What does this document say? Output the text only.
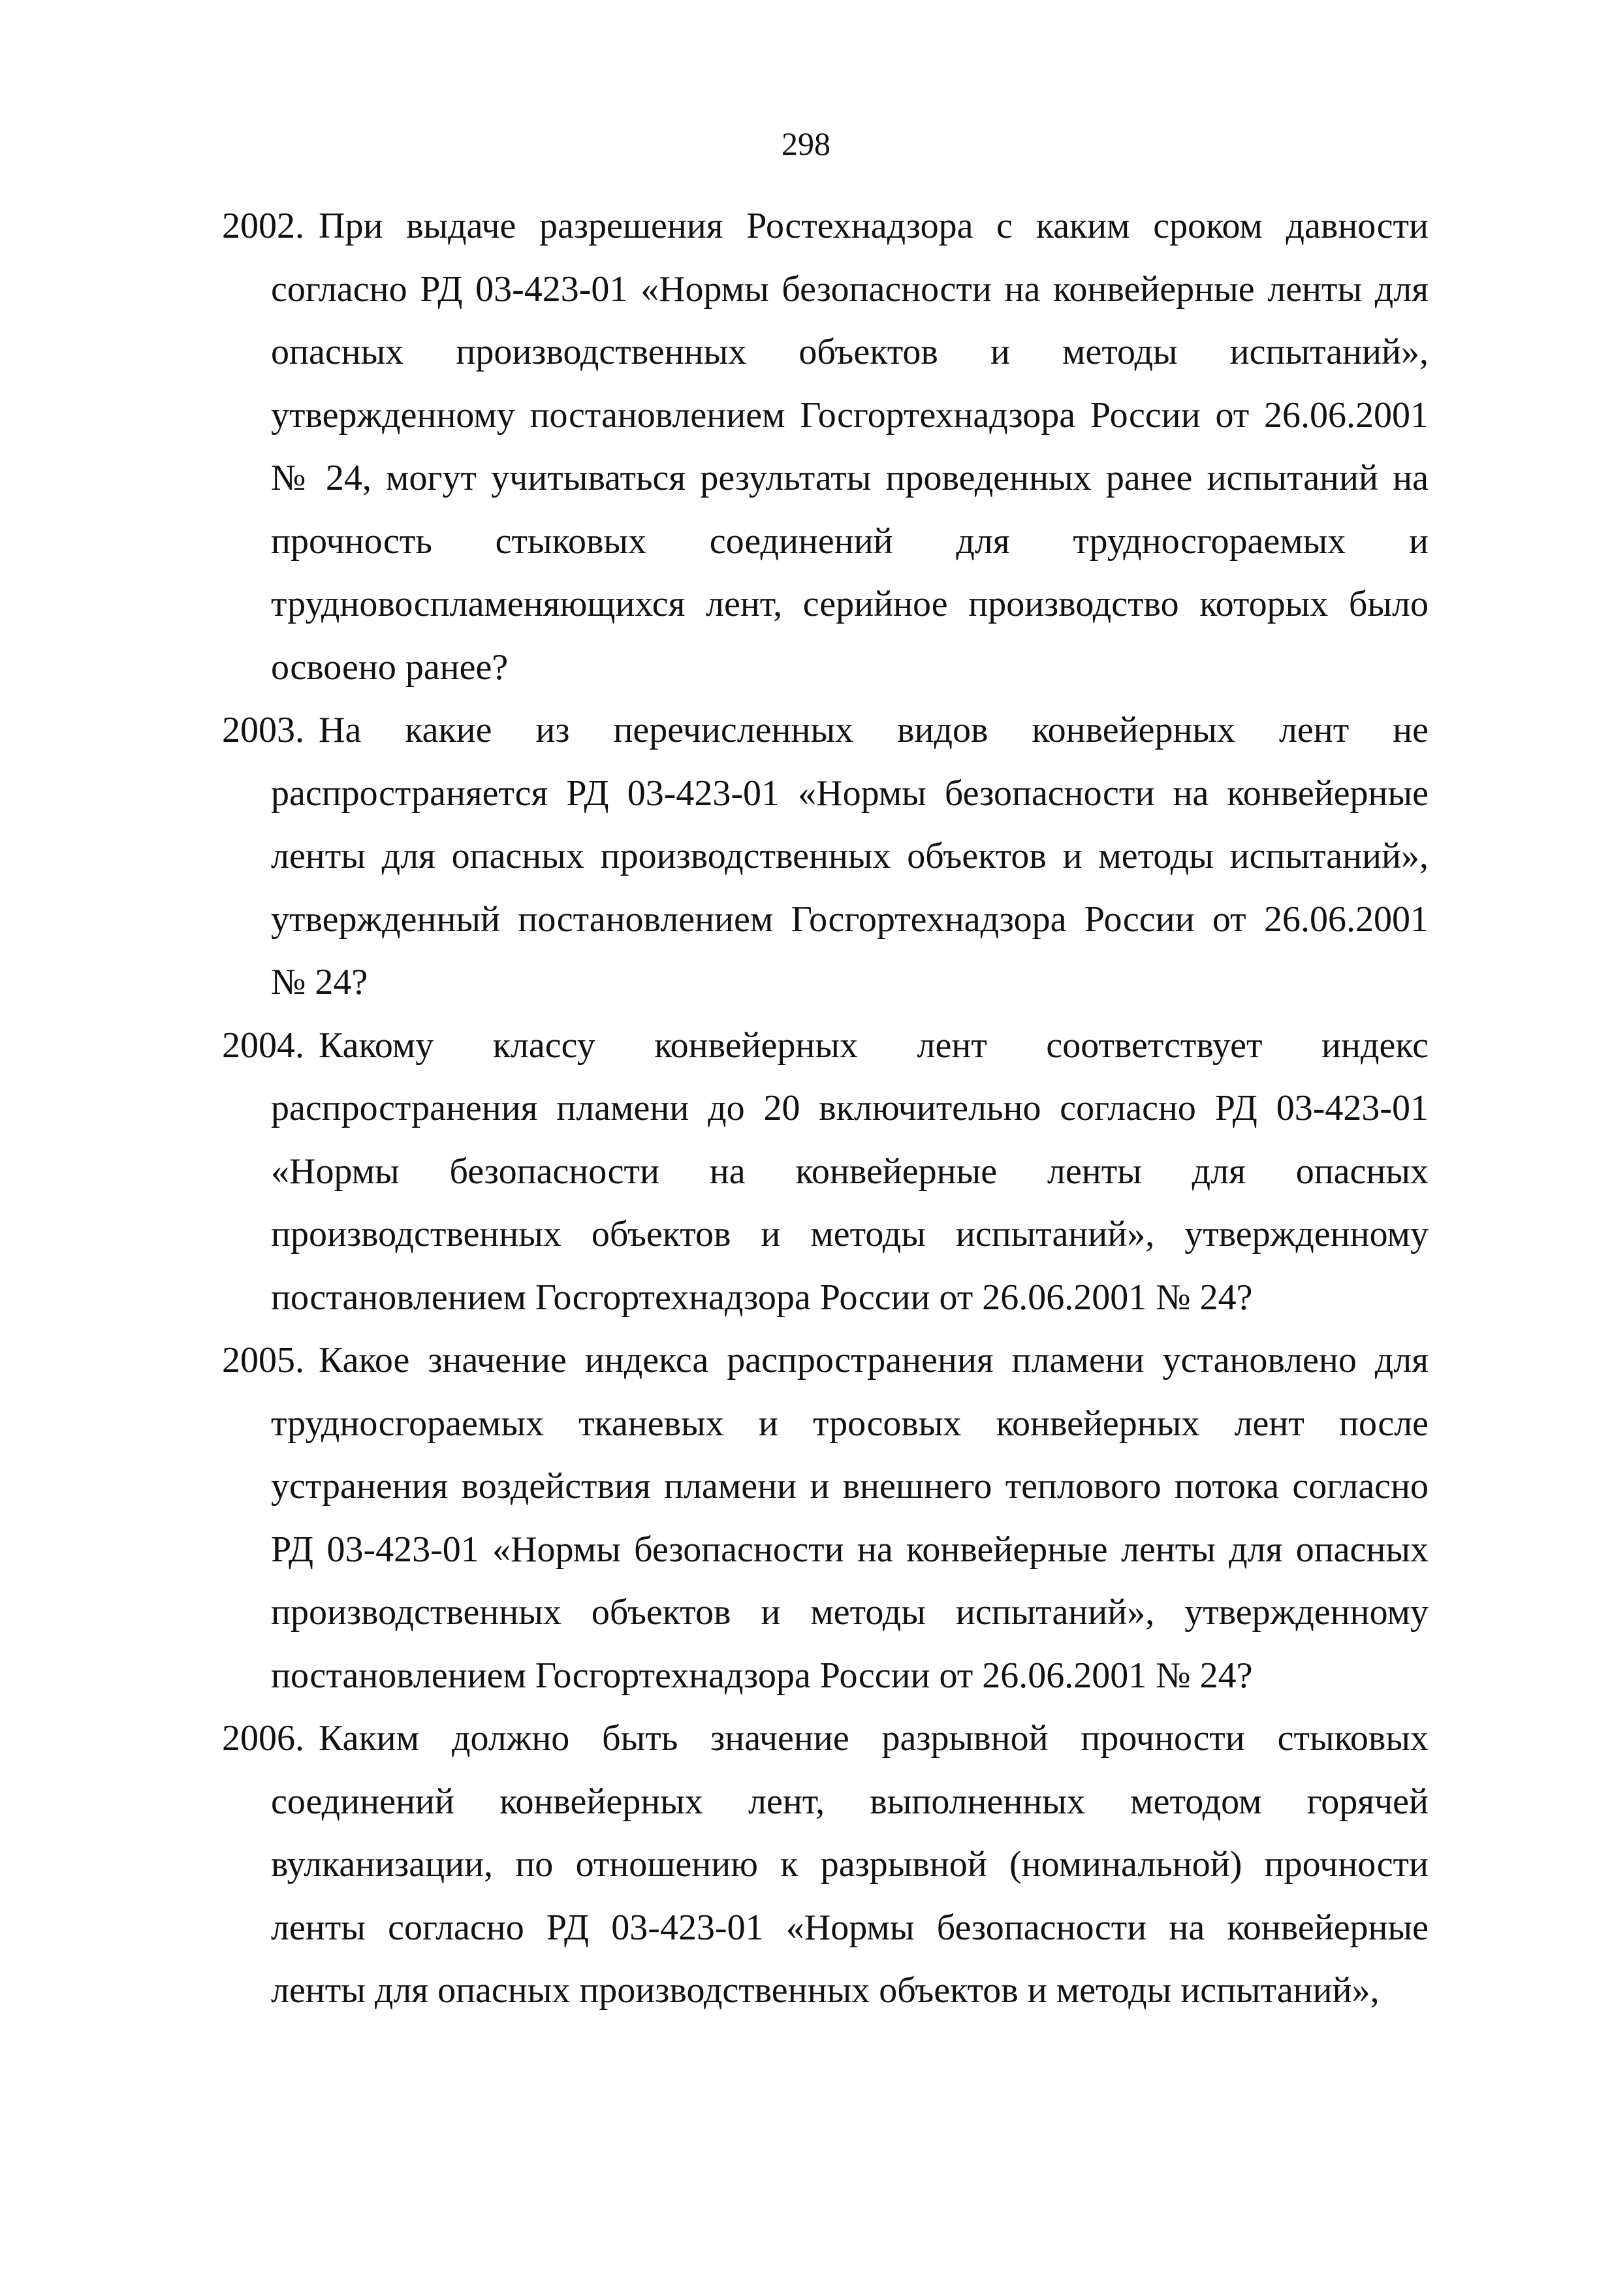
298

2002. При выдаче разрешения Ростехнадзора с каким сроком давности согласно РД 03-423-01 «Нормы безопасности на конвейерные ленты для опасных производственных объектов и методы испытаний», утвержденному постановлением Госгортехнадзора России от 26.06.2001 № 24, могут учитываться результаты проведенных ранее испытаний на прочность стыковых соединений для трудносгораемых и трудновоспламеняющихся лент, серийное производство которых было освоено ранее?

2003. На какие из перечисленных видов конвейерных лент не распространяется РД 03-423-01 «Нормы безопасности на конвейерные ленты для опасных производственных объектов и методы испытаний», утвержденный постановлением Госгортехнадзора России от 26.06.2001 № 24?

2004. Какому классу конвейерных лент соответствует индекс распространения пламени до 20 включительно согласно РД 03-423-01 «Нормы безопасности на конвейерные ленты для опасных производственных объектов и методы испытаний», утвержденному постановлением Госгортехнадзора России от 26.06.2001 № 24?

2005. Какое значение индекса распространения пламени установлено для трудносгораемых тканевых и тросовых конвейерных лент после устранения воздействия пламени и внешнего теплового потока согласно РД 03-423-01 «Нормы безопасности на конвейерные ленты для опасных производственных объектов и методы испытаний», утвержденному постановлением Госгортехнадзора России от 26.06.2001 № 24?

2006. Каким должно быть значение разрывной прочности стыковых соединений конвейерных лент, выполненных методом горячей вулканизации, по отношению к разрывной (номинальной) прочности ленты согласно РД 03-423-01 «Нормы безопасности на конвейерные ленты для опасных производственных объектов и методы испытаний»,
